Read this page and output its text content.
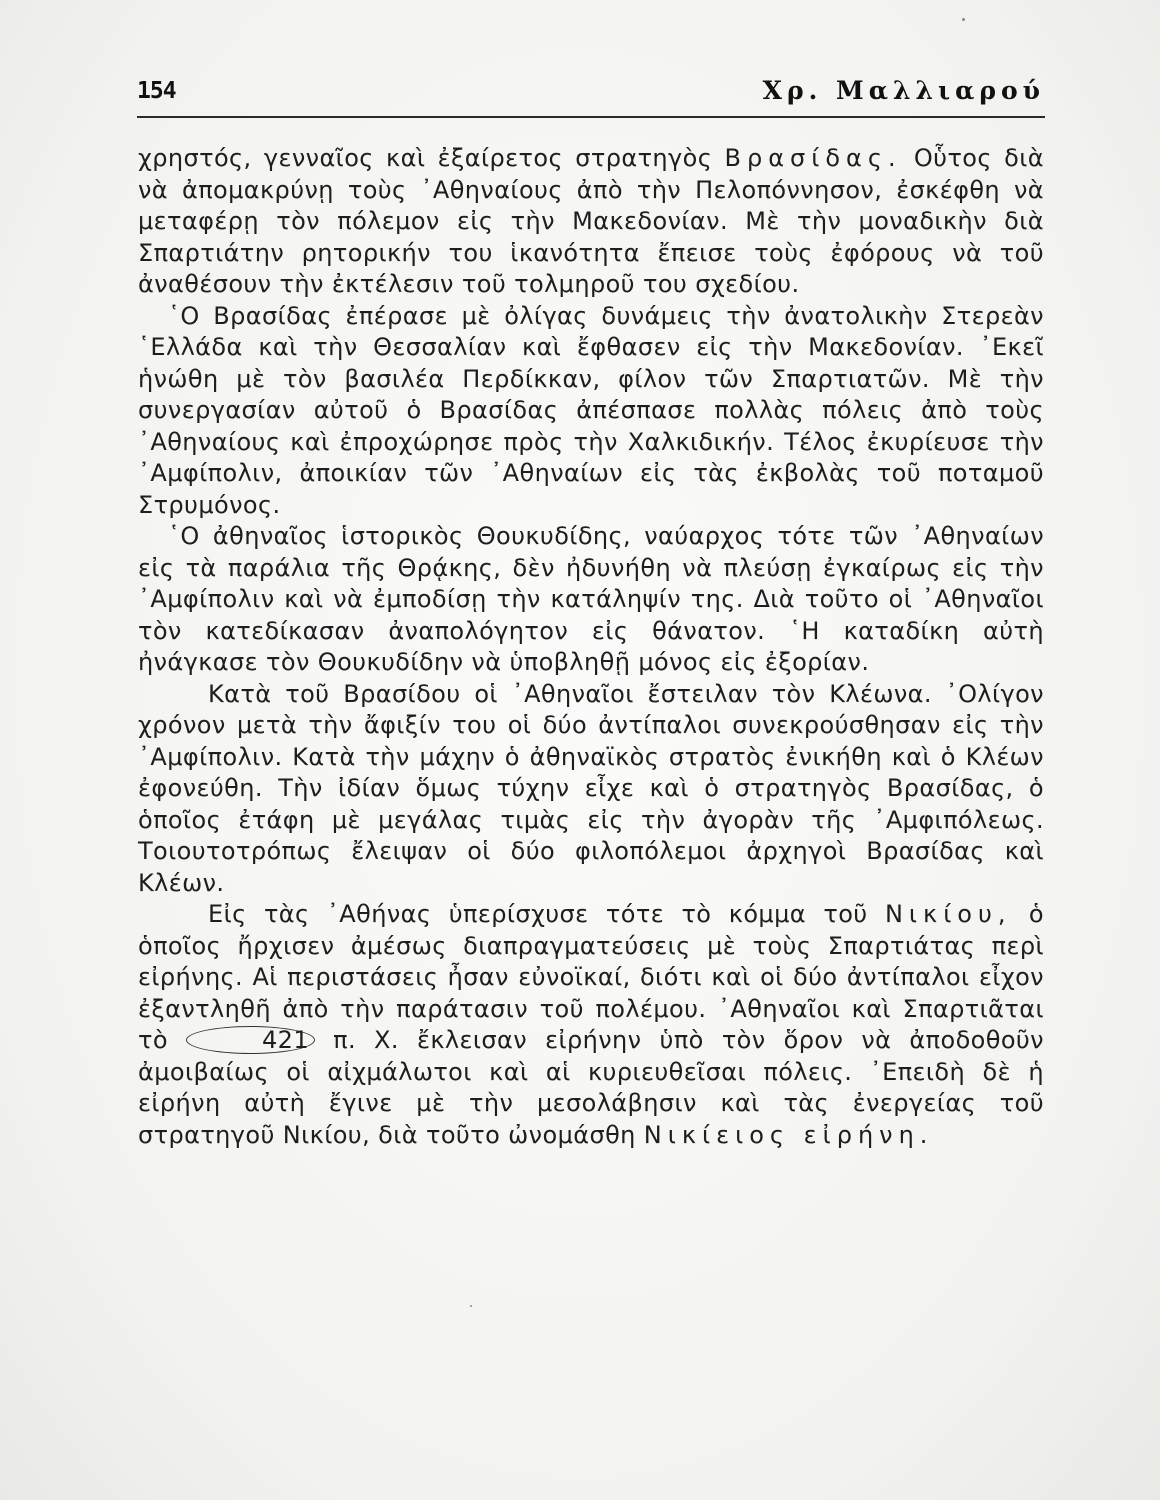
154	Χρ. Μαλλιαρού

χρηστός, γενναῖος καὶ ἐξαίρετος στρατηγὸς Βρασίδας. Οὗτος διὰ νὰ ἀπομακρύνῃ τοὺς ᾿Αθηναίους ἀπὸ τὴν Πελοπόννησον, ἐσκέφθη νὰ μεταφέρῃ τὸν πόλεμον εἰς τὴν Μακεδονίαν. Μὲ τὴν μοναδικὴν διὰ Σπαρτιάτην ρητορικήν του ἱκανότητα ἔπεισε τοὺς ἐφόρους νὰ τοῦ ἀναθέσουν τὴν ἐκτέλεσιν τοῦ τολμηροῦ του σχεδίου.

῾Ο Βρασίδας ἐπέρασε μὲ ὀλίγας δυνάμεις τὴν ἀνατολικὴν Στερεὰν ῾Ελλάδα καὶ τὴν Θεσσαλίαν καὶ ἔφθασεν εἰς τὴν Μακεδονίαν. ᾿Εκεῖ ἡνώθη μὲ τὸν βασιλέα Περδίκκαν, φίλον τῶν Σπαρτιατῶν. Μὲ τὴν συνεργασίαν αὐτοῦ ὁ Βρασίδας ἀπέσπασε πολλὰς πόλεις ἀπὸ τοὺς ᾿Αθηναίους καὶ ἐπροχώρησε πρὸς τὴν Χαλκιδικήν. Τέλος ἐκυρίευσε τὴν ᾿Αμφίπολιν, ἀποικίαν τῶν ᾿Αθηναίων εἰς τὰς ἐκβολὰς τοῦ ποταμοῦ Στρυμόνος.

῾Ο ἀθηναῖος ἱστορικὸς Θουκυδίδης, ναύαρχος τότε τῶν ᾿Αθηναίων εἰς τὰ παράλια τῆς Θρᾴκης, δὲν ἠδυνήθη νὰ πλεύσῃ ἐγκαίρως εἰς τὴν ᾿Αμφίπολιν καὶ νὰ ἐμποδίσῃ τὴν κατάληψίν της. Διὰ τοῦτο οἱ ᾿Αθηναῖοι τὸν κατεδίκασαν ἀναπολόγητον εἰς θάνατον. ῾Η καταδίκη αὐτὴ ἠνάγκασε τὸν Θουκυδίδην νὰ ὑποβληθῇ μόνος εἰς ἐξορίαν.

Κατὰ τοῦ Βρασίδου οἱ ᾿Αθηναῖοι ἔστειλαν τὸν Κλέωνα. ᾿Ολίγον χρόνον μετὰ τὴν ἄφιξίν του οἱ δύο ἀντίπαλοι συνεκρούσθησαν εἰς τὴν ᾿Αμφίπολιν. Κατὰ τὴν μάχην ὁ ἀθηναϊκὸς στρατὸς ἐνικήθη καὶ ὁ Κλέων ἐφονεύθη. Τὴν ἰδίαν ὅμως τύχην εἶχε καὶ ὁ στρατηγὸς Βρασίδας, ὁ ὁποῖος ἐτάφη μὲ μεγάλας τιμὰς εἰς τὴν ἀγορὰν τῆς ᾿Αμφιπόλεως. Τοιουτοτρόπως ἔλειψαν οἱ δύο φιλοπόλεμοι ἀρχηγοὶ Βρασίδας καὶ Κλέων.

Εἰς τὰς ᾿Αθήνας ὑπερίσχυσε τότε τὸ κόμμα τοῦ Νικίου, ὁ ὁποῖος ἤρχισεν ἀμέσως διαπραγματεύσεις μὲ τοὺς Σπαρτιάτας περὶ εἰρήνης. Αἱ περιστάσεις ἦσαν εὐνοϊκαί, διότι καὶ οἱ δύο ἀντίπαλοι εἶχον ἐξαντληθῆ ἀπὸ τὴν παράτασιν τοῦ πολέμου. ᾿Αθηναῖοι καὶ Σπαρτιᾶται τὸ	421 π. Χ. ἔκλεισαν εἰρήνην ὑπὸ τὸν ὅρον νὰ ἀποδοθοῦν ἀμοιβαίως οἱ αἰχμάλωτοι καὶ αἱ κυριευθεῖσαι πόλεις. ᾿Επειδὴ δὲ ἡ εἰρήνη αὐτὴ ἔγινε μὲ τὴν μεσολάβησιν καὶ τὰς ἐνεργείας τοῦ στρατηγοῦ Νικίου, διὰ τοῦτο ὠνομάσθη Νικίειος εἰρήνη.
